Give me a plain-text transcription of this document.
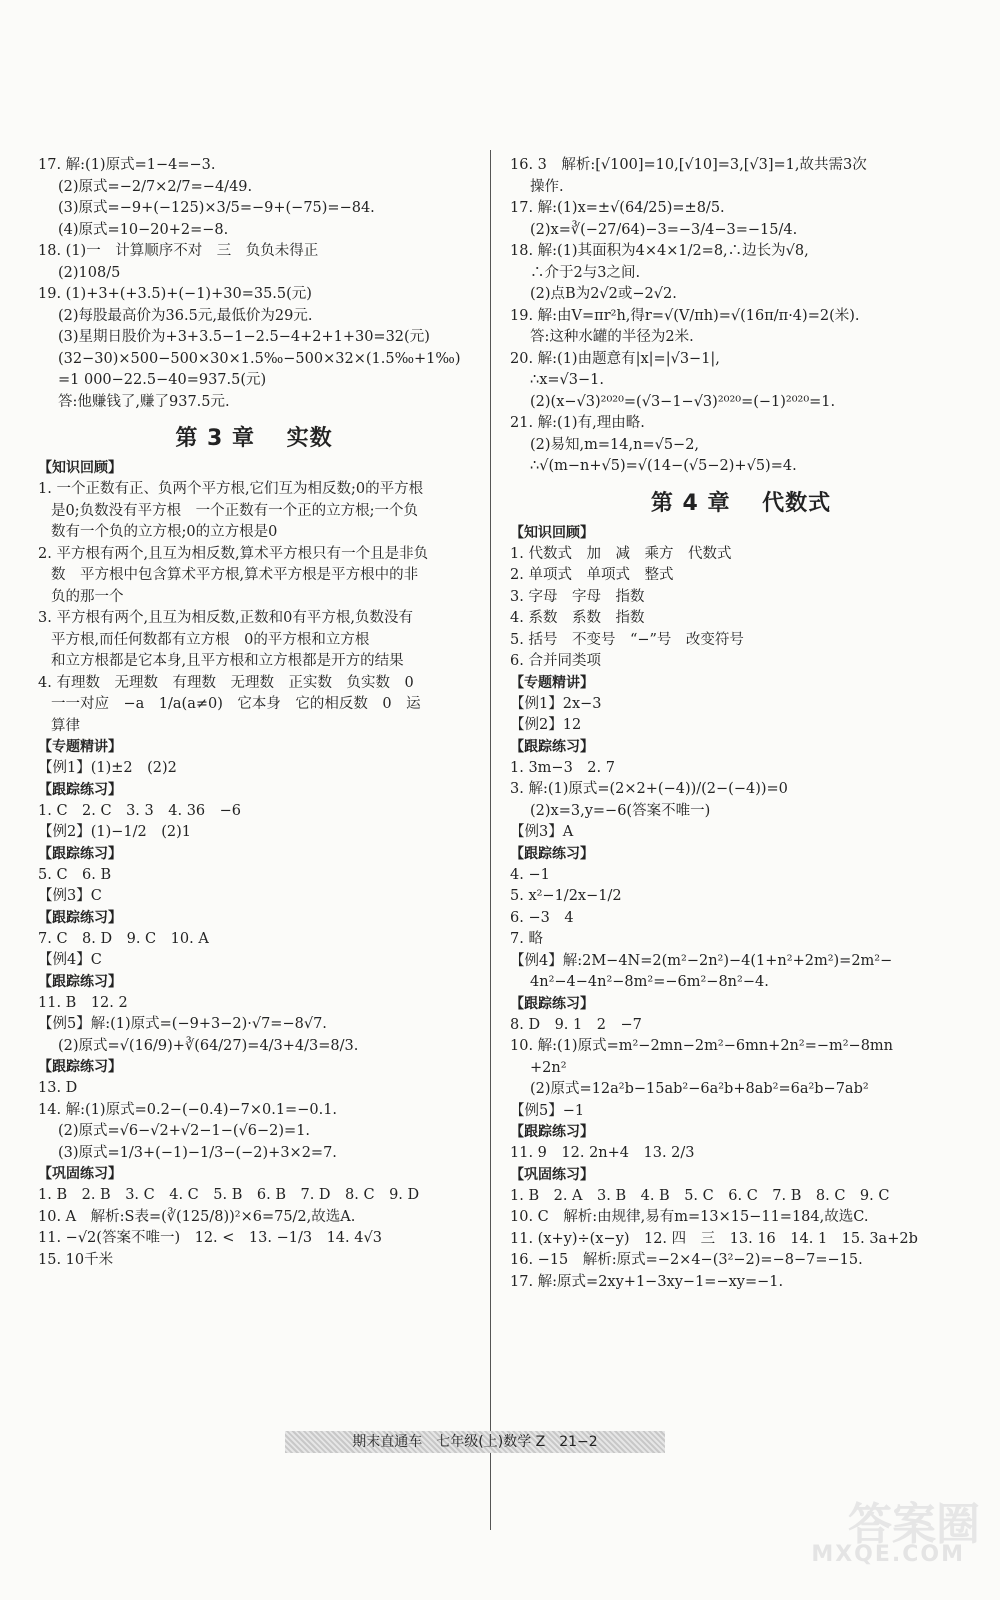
17. 解:(1)原式=1−4=−3.
(2)原式=−2/7×2/7=−4/49.
(3)原式=−9+(−125)×3/5=−9+(−75)=−84.
(4)原式=10−20+2=−8.
18. (1)一　计算顺序不对　三　负负未得正
(2)108/5
19. (1)+3+(+3.5)+(−1)+30=35.5(元)
(2)每股最高价为36.5元,最低价为29元.
(3)星期日股价为+3+3.5−1−2.5−4+2+1+30=32(元)
(32−30)×500−500×30×1.5‰−500×32×(1.5‰+1‰)
=1 000−22.5−40=937.5(元)
答:他赚钱了,赚了937.5元.
第 3 章　 实数
【知识回顾】
1. 一个正数有正、负两个平方根,它们互为相反数;0的平方根
是0;负数没有平方根　一个正数有一个正的立方根;一个负
数有一个负的立方根;0的立方根是0
2. 平方根有两个,且互为相反数,算术平方根只有一个且是非负
数　平方根中包含算术平方根,算术平方根是平方根中的非
负的那一个
3. 平方根有两个,且互为相反数,正数和0有平方根,负数没有
平方根,而任何数都有立方根　0的平方根和立方根
和立方根都是它本身,且平方根和立方根都是开方的结果
4. 有理数　无理数　有理数　无理数　正实数　负实数　0
一一对应　−a　1/a(a≠0)　它本身　它的相反数　0　运
算律
【专题精讲】
【例1】(1)±2　(2)2
【跟踪练习】
1. C　2. C　3. 3　4. 36　−6
【例2】(1)−1/2　(2)1
【跟踪练习】
5. C　6. B
【例3】C
【跟踪练习】
7. C　8. D　9. C　10. A
【例4】C
【跟踪练习】
11. B　12. 2
【例5】解:(1)原式=(−9+3−2)·√7=−8√7.
(2)原式=√(16/9)+∛(64/27)=4/3+4/3=8/3.
【跟踪练习】
13. D
14. 解:(1)原式=0.2−(−0.4)−7×0.1=−0.1.
(2)原式=√6−√2+√2−1−(√6−2)=1.
(3)原式=1/3+(−1)−1/3−(−2)+3×2=7.
【巩固练习】
1. B　2. B　3. C　4. C　5. B　6. B　7. D　8. C　9. D
10. A　解析:S表=(∛(125/8))²×6=75/2,故选A.
11. −√2(答案不唯一)　12. <　13. −1/3　14. 4√3
15. 10千米
16. 3　解析:[√100]=10,[√10]=3,[√3]=1,故共需3次
操作.
17. 解:(1)x=±√(64/25)=±8/5.
(2)x=∛(−27/64)−3=−3/4−3=−15/4.
18. 解:(1)其面积为4×4×1/2=8,∴边长为√8,
∴介于2与3之间.
(2)点B为2√2或−2√2.
19. 解:由V=πr²h,得r=√(V/πh)=√(16π/π·4)=2(米).
答:这种水罐的半径为2米.
20. 解:(1)由题意有|x|=|√3−1|,
∴x=√3−1.
(2)(x−√3)²⁰²⁰=(√3−1−√3)²⁰²⁰=(−1)²⁰²⁰=1.
21. 解:(1)有,理由略.
(2)易知,m=14,n=√5−2,
∴√(m−n+√5)=√(14−(√5−2)+√5)=4.
第 4 章　 代数式
【知识回顾】
1. 代数式　加　减　乘方　代数式
2. 单项式　单项式　整式
3. 字母　字母　指数
4. 系数　系数　指数
5. 括号　不变号　“−”号　改变符号
6. 合并同类项
【专题精讲】
【例1】2x−3
【例2】12
【跟踪练习】
1. 3m−3　2. 7
3. 解:(1)原式=(2×2+(−4))/(2−(−4))=0
(2)x=3,y=−6(答案不唯一)
【例3】A
【跟踪练习】
4. −1
5. x²−1/2x−1/2
6. −3　4
7. 略
【例4】解:2M−4N=2(m²−2n²)−4(1+n²+2m²)=2m²−
4n²−4−4n²−8m²=−6m²−8n²−4.
【跟踪练习】
8. D　9. 1　2　−7
10. 解:(1)原式=m²−2mn−2m²−6mn+2n²=−m²−8mn
+2n²
(2)原式=12a²b−15ab²−6a²b+8ab²=6a²b−7ab²
【例5】−1
【跟踪练习】
11. 9　12. 2n+4　13. 2/3
【巩固练习】
1. B　2. A　3. B　4. B　5. C　6. C　7. B　8. C　9. C
10. C　解析:由规律,易有m=13×15−11=184,故选C.
11. (x+y)÷(x−y)　12. 四　三　13. 16　14. 1　15. 3a+2b
16. −15　解析:原式=−2×4−(3²−2)=−8−7=−15.
17. 解:原式=2xy+1−3xy−1=−xy=−1.
期末直通车　七年级(上)数学 Z　21−2
答案圈
MXQE.COM
